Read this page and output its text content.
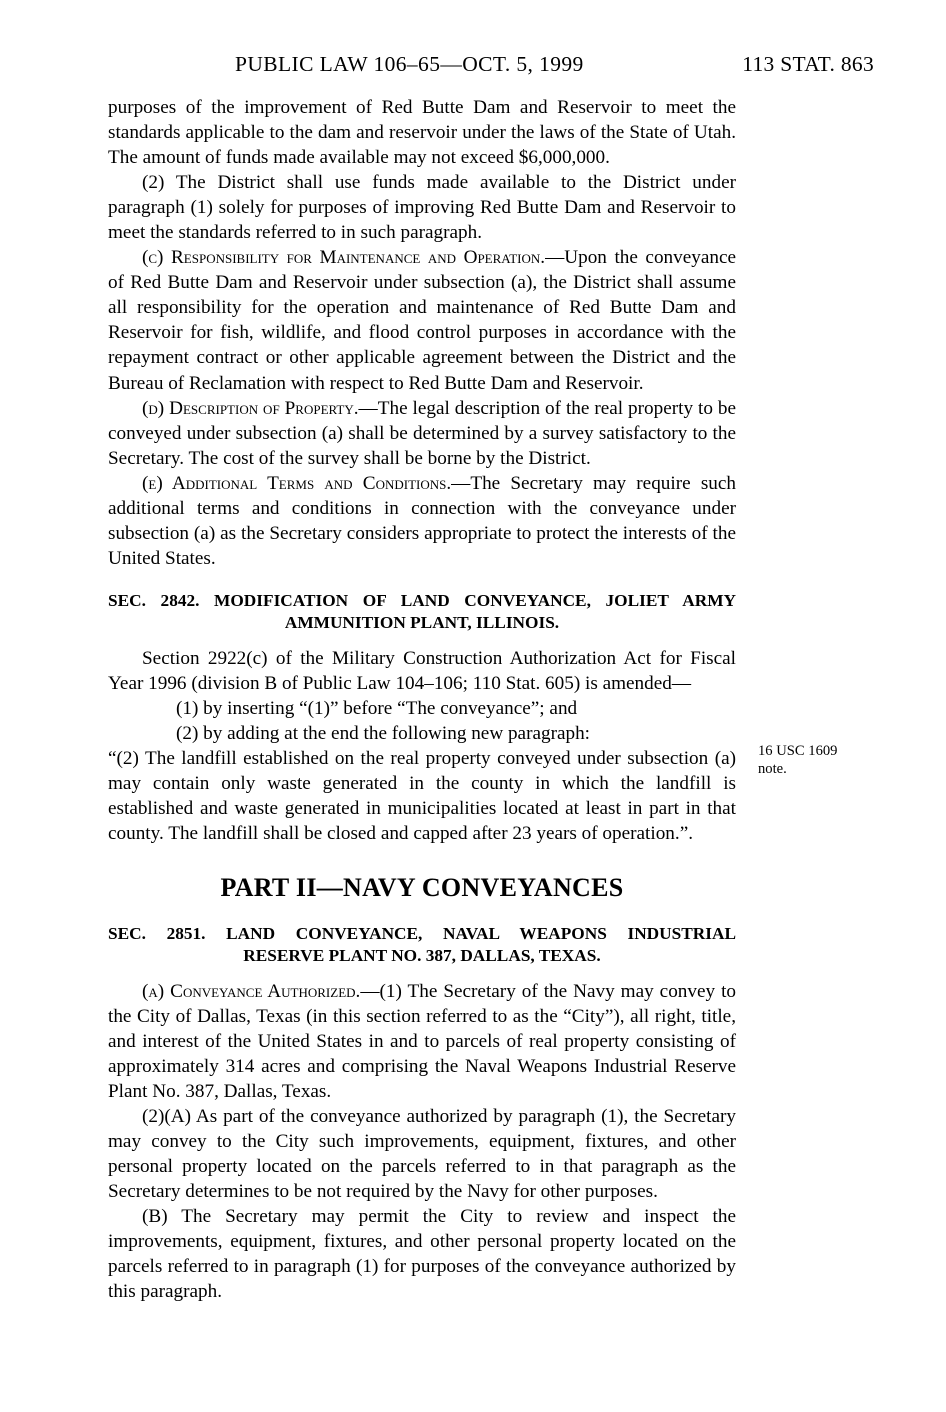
PUBLIC LAW 106–65—OCT. 5, 1999	113 STAT. 863

purposes of the improvement of Red Butte Dam and Reservoir to meet the standards applicable to the dam and reservoir under the laws of the State of Utah. The amount of funds made available may not exceed $6,000,000.

(2) The District shall use funds made available to the District under paragraph (1) solely for purposes of improving Red Butte Dam and Reservoir to meet the standards referred to in such paragraph.

(c) Responsibility for Maintenance and Operation.—Upon the conveyance of Red Butte Dam and Reservoir under subsection (a), the District shall assume all responsibility for the operation and maintenance of Red Butte Dam and Reservoir for fish, wildlife, and flood control purposes in accordance with the repayment contract or other applicable agreement between the District and the Bureau of Reclamation with respect to Red Butte Dam and Reservoir.

(d) Description of Property.—The legal description of the real property to be conveyed under subsection (a) shall be determined by a survey satisfactory to the Secretary. The cost of the survey shall be borne by the District.

(e) Additional Terms and Conditions.—The Secretary may require such additional terms and conditions in connection with the conveyance under subsection (a) as the Secretary considers appropriate to protect the interests of the United States.

SEC. 2842. MODIFICATION OF LAND CONVEYANCE, JOLIET ARMY
AMMUNITION PLANT, ILLINOIS.

Section 2922(c) of the Military Construction Authorization Act for Fiscal Year 1996 (division B of Public Law 104–106; 110 Stat. 605) is amended—

(1) by inserting “(1)” before “The conveyance”; and

(2) by adding at the end the following new paragraph:

“(2) The landfill established on the real property conveyed under subsection (a) may contain only waste generated in the county in which the landfill is established and waste generated in municipalities located at least in part in that county. The landfill shall be closed and capped after 23 years of operation.”.

PART II—NAVY CONVEYANCES
SEC. 2851. LAND CONVEYANCE, NAVAL WEAPONS INDUSTRIAL
RESERVE PLANT NO. 387, DALLAS, TEXAS.

(a) Conveyance Authorized.—(1) The Secretary of the Navy may convey to the City of Dallas, Texas (in this section referred to as the “City”), all right, title, and interest of the United States in and to parcels of real property consisting of approximately 314 acres and comprising the Naval Weapons Industrial Reserve Plant No. 387, Dallas, Texas.

(2)(A) As part of the conveyance authorized by paragraph (1), the Secretary may convey to the City such improvements, equipment, fixtures, and other personal property located on the parcels referred to in that paragraph as the Secretary determines to be not required by the Navy for other purposes.

(B) The Secretary may permit the City to review and inspect the improvements, equipment, fixtures, and other personal property located on the parcels referred to in paragraph (1) for purposes of the conveyance authorized by this paragraph.

16 USC 1609
note.
